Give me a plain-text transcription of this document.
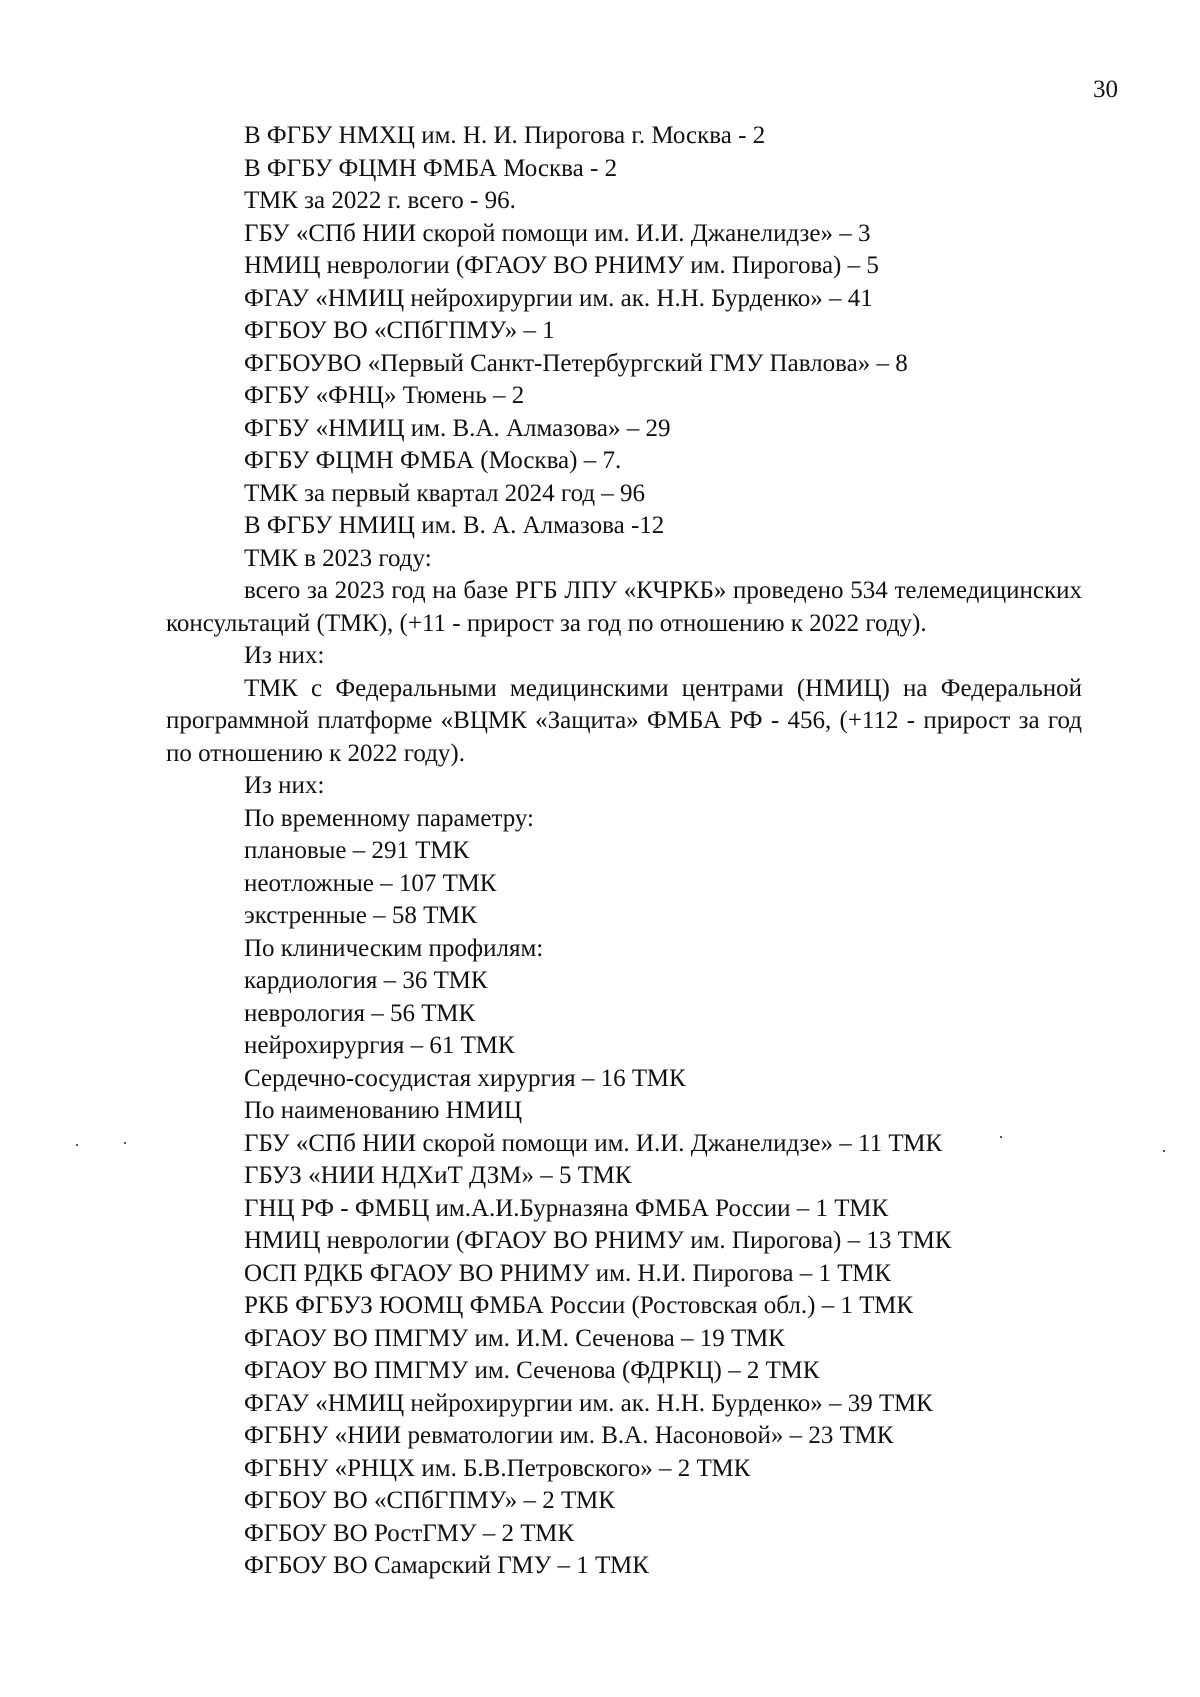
30

В ФГБУ НМХЦ им. Н. И. Пирогова г. Москва - 2

В ФГБУ ФЦМН ФМБА Москва - 2

ТМК за 2022 г. всего - 96.

ГБУ «СПб НИИ скорой помощи им. И.И. Джанелидзе» – 3

НМИЦ неврологии (ФГАОУ ВО РНИМУ им. Пирогова) – 5

ФГАУ «НМИЦ нейрохирургии им. ак. Н.Н. Бурденко» – 41

ФГБОУ ВО «СПбГПМУ» – 1

ФГБОУВО «Первый Санкт-Петербургский ГМУ Павлова» – 8

ФГБУ «ФНЦ» Тюмень – 2

ФГБУ «НМИЦ им. В.А. Алмазова» – 29

ФГБУ ФЦМН ФМБА (Москва) – 7.

ТМК за первый квартал 2024 год – 96

В ФГБУ НМИЦ им. В. А. Алмазова -12

ТМК в 2023 году:

всего за 2023 год на базе РГБ ЛПУ «КЧРКБ» проведено 534 телемедицинских консультаций (ТМК), (+11 - прирост за год по отношению к 2022 году).

Из них:

ТМК с Федеральными медицинскими центрами (НМИЦ) на Федеральной программной платформе «ВЦМК «Защита» ФМБА РФ - 456, (+112 - прирост за год по отношению к 2022 году).

Из них:

По временному параметру:

плановые – 291 ТМК

неотложные – 107 ТМК

экстренные – 58 ТМК

По клиническим профилям:

кардиология – 36 ТМК

неврология – 56 ТМК

нейрохирургия – 61 ТМК

Сердечно-сосудистая хирургия – 16 ТМК

По наименованию НМИЦ

ГБУ «СПб НИИ скорой помощи им. И.И. Джанелидзе» – 11 ТМК

ГБУЗ «НИИ НДХиТ ДЗМ» – 5 ТМК

ГНЦ РФ - ФМБЦ им.А.И.Бурназяна ФМБА России – 1 ТМК

НМИЦ неврологии (ФГАОУ ВО РНИМУ им. Пирогова) – 13 ТМК

ОСП РДКБ ФГАОУ ВО РНИМУ им. Н.И. Пирогова – 1 ТМК

РКБ ФГБУЗ ЮОМЦ ФМБА России (Ростовская обл.) – 1 ТМК

ФГАОУ ВО ПМГМУ им. И.М. Сеченова – 19 ТМК

ФГАОУ ВО ПМГМУ им. Сеченова (ФДРКЦ) – 2 ТМК

ФГАУ «НМИЦ нейрохирургии им. ак. Н.Н. Бурденко» – 39 ТМК

ФГБНУ «НИИ ревматологии им. В.А. Насоновой» – 23 ТМК

ФГБНУ «РНЦХ им. Б.В.Петровского» – 2 ТМК

ФГБОУ ВО «СПбГПМУ» – 2 ТМК

ФГБОУ ВО РостГМУ – 2 ТМК

ФГБОУ ВО Самарский ГМУ – 1 ТМК
